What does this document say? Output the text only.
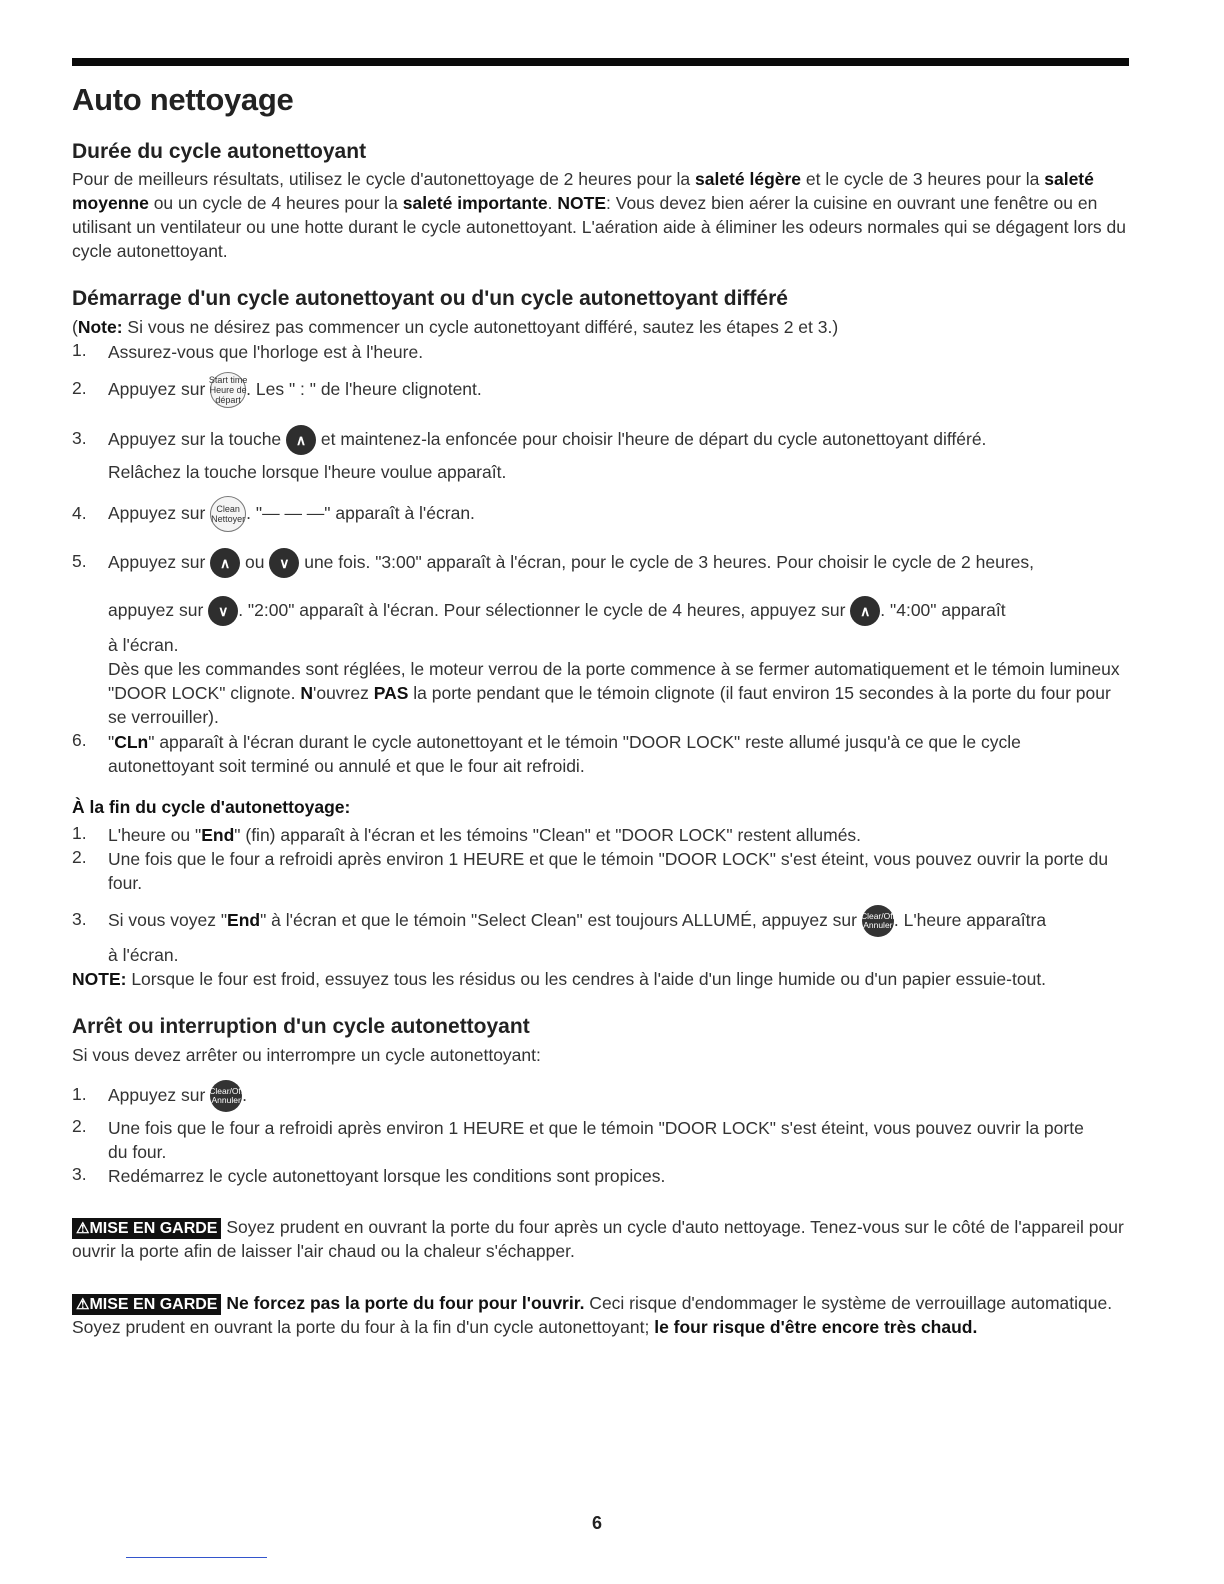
Auto nettoyage
Durée du cycle autonettoyant
Pour de meilleurs résultats, utilisez le cycle d'autonettoyage de 2 heures pour la saleté légère et le cycle de 3 heures pour la saleté moyenne ou un cycle de 4 heures pour la saleté importante. NOTE: Vous devez bien aérer la cuisine en ouvrant une fenêtre ou en utilisant un ventilateur ou une hotte durant le cycle autonettoyant. L'aération aide à éliminer les odeurs normales qui se dégagent lors du cycle autonettoyant.
Démarrage d'un cycle autonettoyant ou d'un cycle autonettoyant différé
(Note: Si vous ne désirez pas commencer un cycle autonettoyant différé, sautez les étapes 2 et 3.)
1.	Assurez-vous que l'horloge est à l'heure.
2.	Appuyez sur
Start time
Heure de
départ
. Les " : " de l'heure clignotent.
3.	Appuyez sur la touche ∧ et maintenez-la enfoncée pour choisir l'heure de départ du cycle autonettoyant différé.
Relâchez la touche lorsque l'heure voulue apparaît.
4.	Appuyez sur Clean
Nettoyer . "— — —" apparaît à l'écran.
5.	Appuyez sur ∧ ou ∨ une fois. "3:00" apparaît à l'écran, pour le cycle de 3 heures. Pour choisir le cycle de 2 heures,
appuyez sur ∨ . "2:00" apparaît à l'écran. Pour sélectionner le cycle de 4 heures, appuyez sur ∧ . "4:00" apparaît
à l'écran.
Dès que les commandes sont réglées, le moteur verrou de la porte commence à se fermer automatiquement et le témoin lumineux "DOOR LOCK" clignote. N'ouvrez PAS la porte pendant que le témoin clignote (il faut environ 15 secondes à la porte du four pour se verrouiller).
6.	"CLn" apparaît à l'écran durant le cycle autonettoyant et le témoin "DOOR LOCK" reste allumé jusqu'à ce que le cycle autonettoyant soit terminé ou annulé et que le four ait refroidi.
À la fin du cycle d'autonettoyage:
1.	L'heure ou "End" (fin) apparaît à l'écran et les témoins "Clean" et "DOOR LOCK" restent allumés.
2.	Une fois que le four a refroidi après environ 1 HEURE et que le témoin "DOOR LOCK" s'est éteint, vous pouvez ouvrir la porte du four.
3.	Si vous voyez "End" à l'écran et que le témoin "Select Clean" est toujours ALLUMÉ, appuyez sur Clear/Off
Annuler . L'heure apparaîtra
à l'écran.
NOTE: Lorsque le four est froid, essuyez tous les résidus ou les cendres à l'aide d'un linge humide ou d'un papier essuie-tout.
Arrêt ou interruption d'un cycle autonettoyant
Si vous devez arrêter ou interrompre un cycle autonettoyant:
1.	Appuyez sur Clear/Off
Annuler .
2.	Une fois que le four a refroidi après environ 1 HEURE et que le témoin "DOOR LOCK" s'est éteint, vous pouvez ouvrir la porte du four.
3.	Redémarrez le cycle autonettoyant lorsque les conditions sont propices.
⚠MISE EN GARDE Soyez prudent en ouvrant la porte du four après un cycle d'auto nettoyage. Tenez-vous sur le côté de l'appareil pour ouvrir la porte afin de laisser l'air chaud ou la chaleur s'échapper.
⚠MISE EN GARDE Ne forcez pas la porte du four pour l'ouvrir. Ceci risque d'endommager le système de verrouillage automatique. Soyez prudent en ouvrant la porte du four à la fin d'un cycle autonettoyant; le four risque d'être encore très chaud.
6
